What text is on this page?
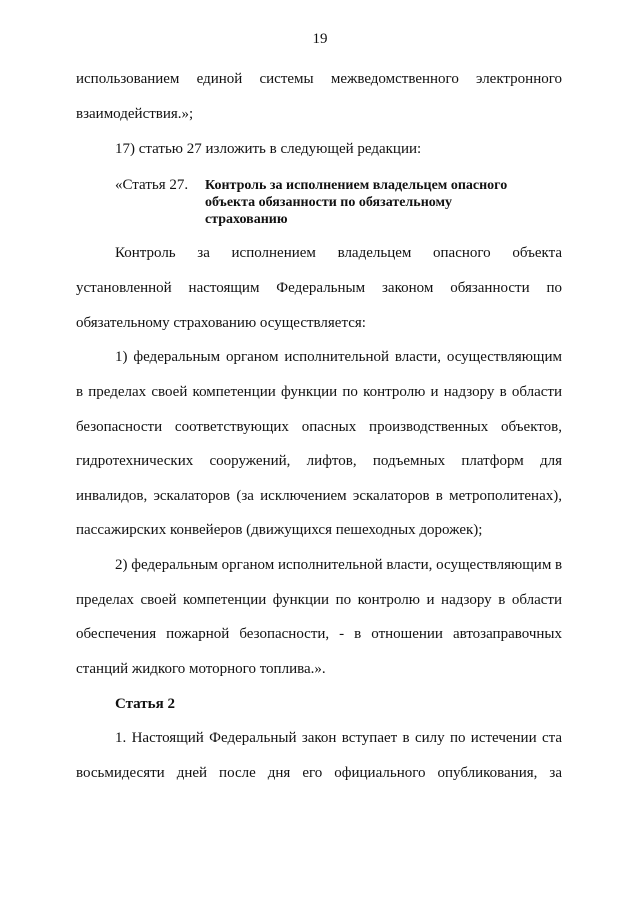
19
использованием единой системы межведомственного электронного
взаимодействия.»;
17) статью 27 изложить в следующей редакции:
«Статья 27. Контроль за исполнением владельцем опасного
объекта обязанности по обязательному
страхованию
Контроль за исполнением владельцем опасного объекта
установленной настоящим Федеральным законом обязанности по
обязательному страхованию осуществляется:
1) федеральным органом исполнительной власти, осуществляющим
в пределах своей компетенции функции по контролю и надзору в области
безопасности соответствующих опасных производственных объектов,
гидротехнических сооружений, лифтов, подъемных платформ для
инвалидов, эскалаторов (за исключением эскалаторов в метрополитенах),
пассажирских конвейеров (движущихся пешеходных дорожек);
2) федеральным органом исполнительной власти, осуществляющим в
пределах своей компетенции функции по контролю и надзору в области
обеспечения пожарной безопасности, - в отношении автозаправочных
станций жидкого моторного топлива.».
Статья 2
1. Настоящий Федеральный закон вступает в силу по истечении ста
восьмидесяти дней после дня его официального опубликования, за
